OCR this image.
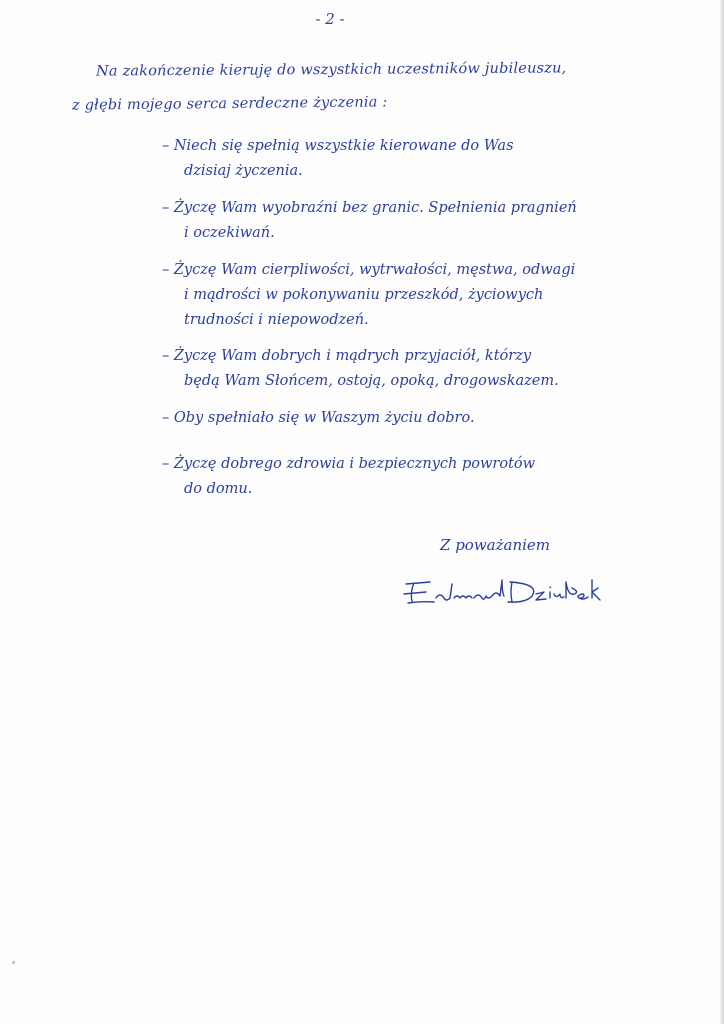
- 2 -
Na zakończenie kieruję do wszystkich uczestników jubileuszu,
z głębi mojego serca serdeczne życzenia :
– Niech się spełnią wszystkie kierowane do Was
dzisiaj życzenia.
– Życzę Wam wyobraźni bez granic. Spełnienia pragnień
i oczekiwań.
– Życzę Wam cierpliwości, wytrwałości, męstwa, odwagi
i mądrości w pokonywaniu przeszkód, życiowych
trudności i niepowodzeń.
– Życzę Wam dobrych i mądrych przyjaciół, którzy
będą Wam Słońcem, ostoją, opoką, drogowskazem.
– Oby spełniało się w Waszym życiu dobro.
– Życzę dobrego zdrowia i bezpiecznych powrotów
do domu.
Z poważaniem
